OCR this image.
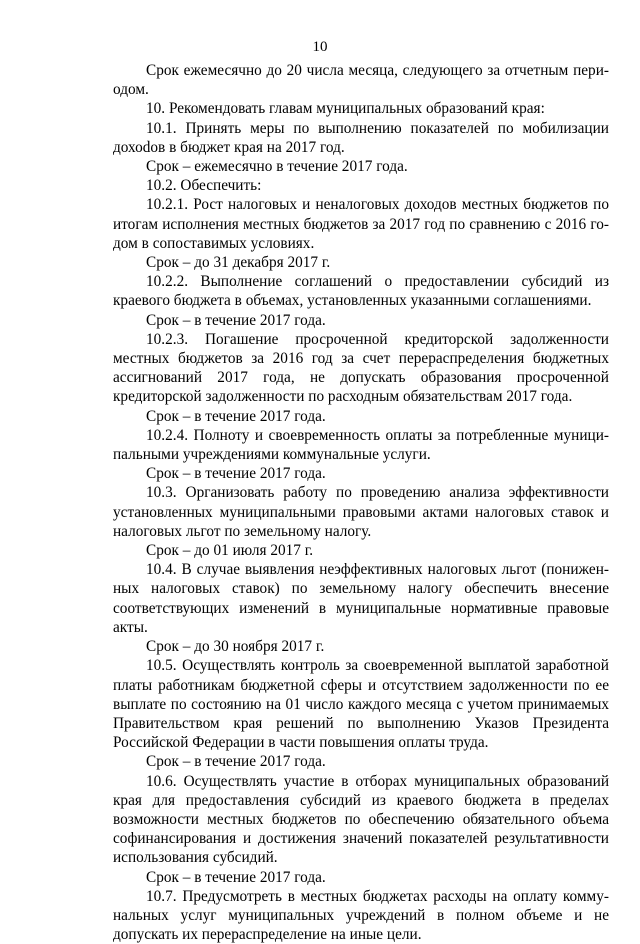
10

Срок ежемесячно до 20 числа месяца, следующего за отчетным периодом.

10. Рекомендовать главам муниципальных образований края:

10.1. Принять меры по выполнению показателей по мобилизации дохоdов в бюджет края на 2017 год.

Срок – ежемесячно в течение 2017 года.

10.2. Обеспечить:

10.2.1. Рост налоговых и неналоговых доходов местных бюджетов по итогам исполнения местных бюджетов за 2017 год по сравнению с 2016 годом в сопоставимых условиях.

Срок – до 31 декабря 2017 г.

10.2.2. Выполнение соглашений о предоставлении субсидий из краевого бюджета в объемах, установленных указанными соглашениями.

Срок – в течение 2017 года.

10.2.3. Погашение просроченной кредиторской задолженности местных бюджетов за 2016 год за счет перераспределения бюджетных ассигнований 2017 года, не допускать образования просроченной кредиторской задолженности по расходным обязательствам 2017 года.

Срок – в течение 2017 года.

10.2.4. Полноту и своевременность оплаты за потребленные муниципальными учреждениями коммунальные услуги.

Срок – в течение 2017 года.

10.3. Организовать работу по проведению анализа эффективности установленных муниципальными правовыми актами налоговых ставок и налоговых льгот по земельному налогу.

Срок – до 01 июля 2017 г.

10.4. В случае выявления неэффективных налоговых льгот (пониженных налоговых ставок) по земельному налогу обеспечить внесение соответствующих изменений в муниципальные нормативные правовые акты.

Срок – до 30 ноября 2017 г.

10.5. Осуществлять контроль за своевременной выплатой заработной платы работникам бюджетной сферы и отсутствием задолженности по ее выплате по состоянию на 01 число каждого месяца с учетом принимаемых Правительством края решений по выполнению Указов Президента Российской Федерации в части повышения оплаты труда.

Срок – в течение 2017 года.

10.6. Осуществлять участие в отборах муниципальных образований края для предоставления субсидий из краевого бюджета в пределах возможности местных бюджетов по обеспечению обязательного объема софинансирования и достижения значений показателей результативности использования субсидий.

Срок – в течение 2017 года.

10.7. Предусмотреть в местных бюджетах расходы на оплату коммунальных услуг муниципальных учреждений в полном объеме и не допускать их перераспределение на иные цели.
